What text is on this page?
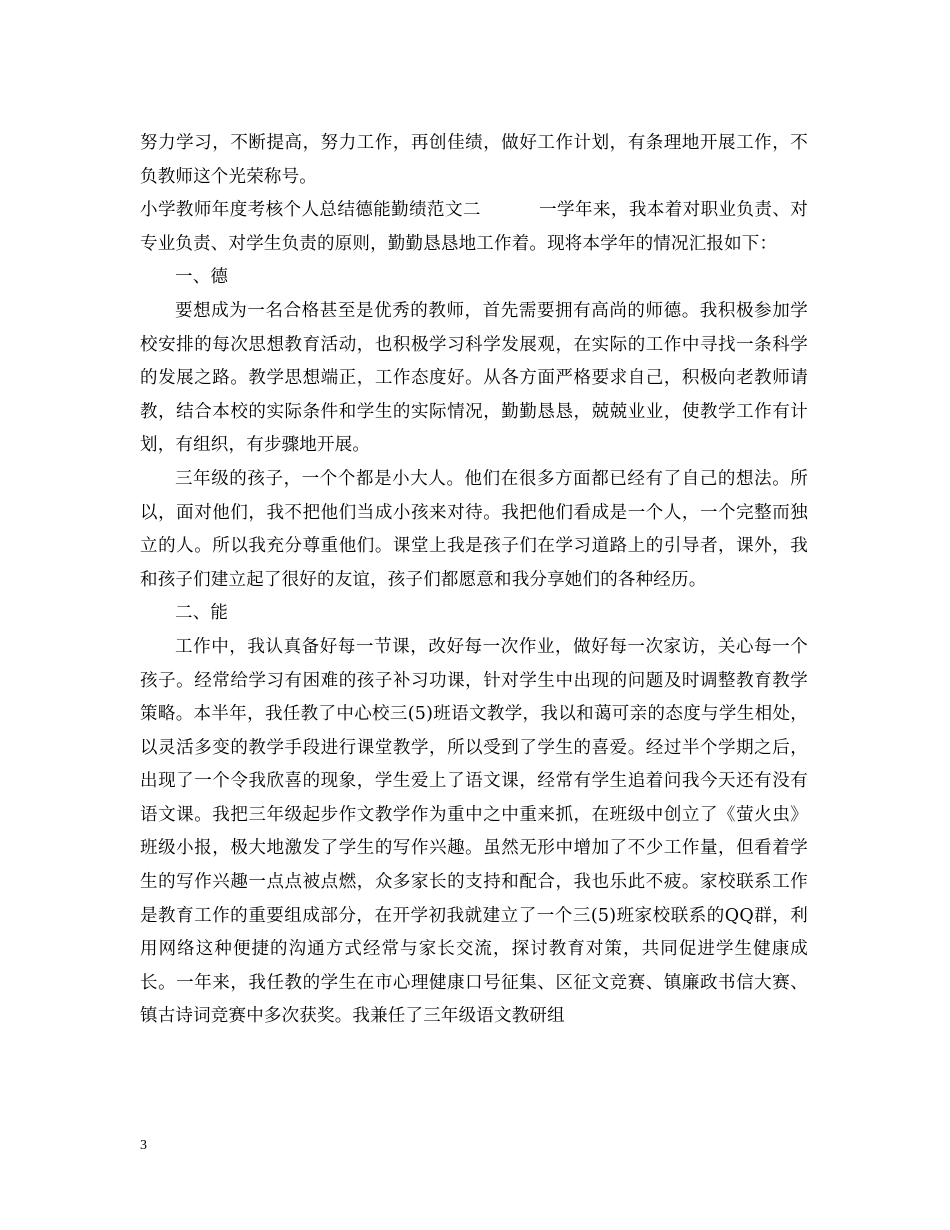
努力学习，不断提高，努力工作，再创佳绩，做好工作计划，有条理地开展工作，不负教师这个光荣称号。

小学教师年度考核个人总结德能勤绩范文二	一学年来，我本着对职业负责、对专业负责、对学生负责的原则，勤勤恳恳地工作着。现将本学年的情况汇报如下：

一、德

要想成为一名合格甚至是优秀的教师，首先需要拥有高尚的师德。我积极参加学校安排的每次思想教育活动，也积极学习科学发展观，在实际的工作中寻找一条科学的发展之路。教学思想端正，工作态度好。从各方面严格要求自己，积极向老教师请教，结合本校的实际条件和学生的实际情况，勤勤恳恳，兢兢业业，使教学工作有计划，有组织，有步骤地开展。

三年级的孩子，一个个都是小大人。他们在很多方面都已经有了自己的想法。所以，面对他们，我不把他们当成小孩来对待。我把他们看成是一个人，一个完整而独立的人。所以我充分尊重他们。课堂上我是孩子们在学习道路上的引导者，课外，我和孩子们建立起了很好的友谊，孩子们都愿意和我分享她们的各种经历。

二、能

工作中，我认真备好每一节课，改好每一次作业，做好每一次家访，关心每一个孩子。经常给学习有困难的孩子补习功课，针对学生中出现的问题及时调整教育教学策略。本半年，我任教了中心校三(5)班语文教学，我以和蔼可亲的态度与学生相处，以灵活多变的教学手段进行课堂教学，所以受到了学生的喜爱。经过半个学期之后，出现了一个令我欣喜的现象，学生爱上了语文课，经常有学生追着问我今天还有没有语文课。我把三年级起步作文教学作为重中之中重来抓，在班级中创立了《萤火虫》班级小报，极大地激发了学生的写作兴趣。虽然无形中增加了不少工作量，但看着学生的写作兴趣一点点被点燃，众多家长的支持和配合，我也乐此不疲。家校联系工作是教育工作的重要组成部分，在开学初我就建立了一个三(5)班家校联系的QQ群，利用网络这种便捷的沟通方式经常与家长交流，探讨教育对策，共同促进学生健康成长。一年来，我任教的学生在市心理健康口号征集、区征文竞赛、镇廉政书信大赛、镇古诗词竞赛中多次获奖。我兼任了三年级语文教研组

3
